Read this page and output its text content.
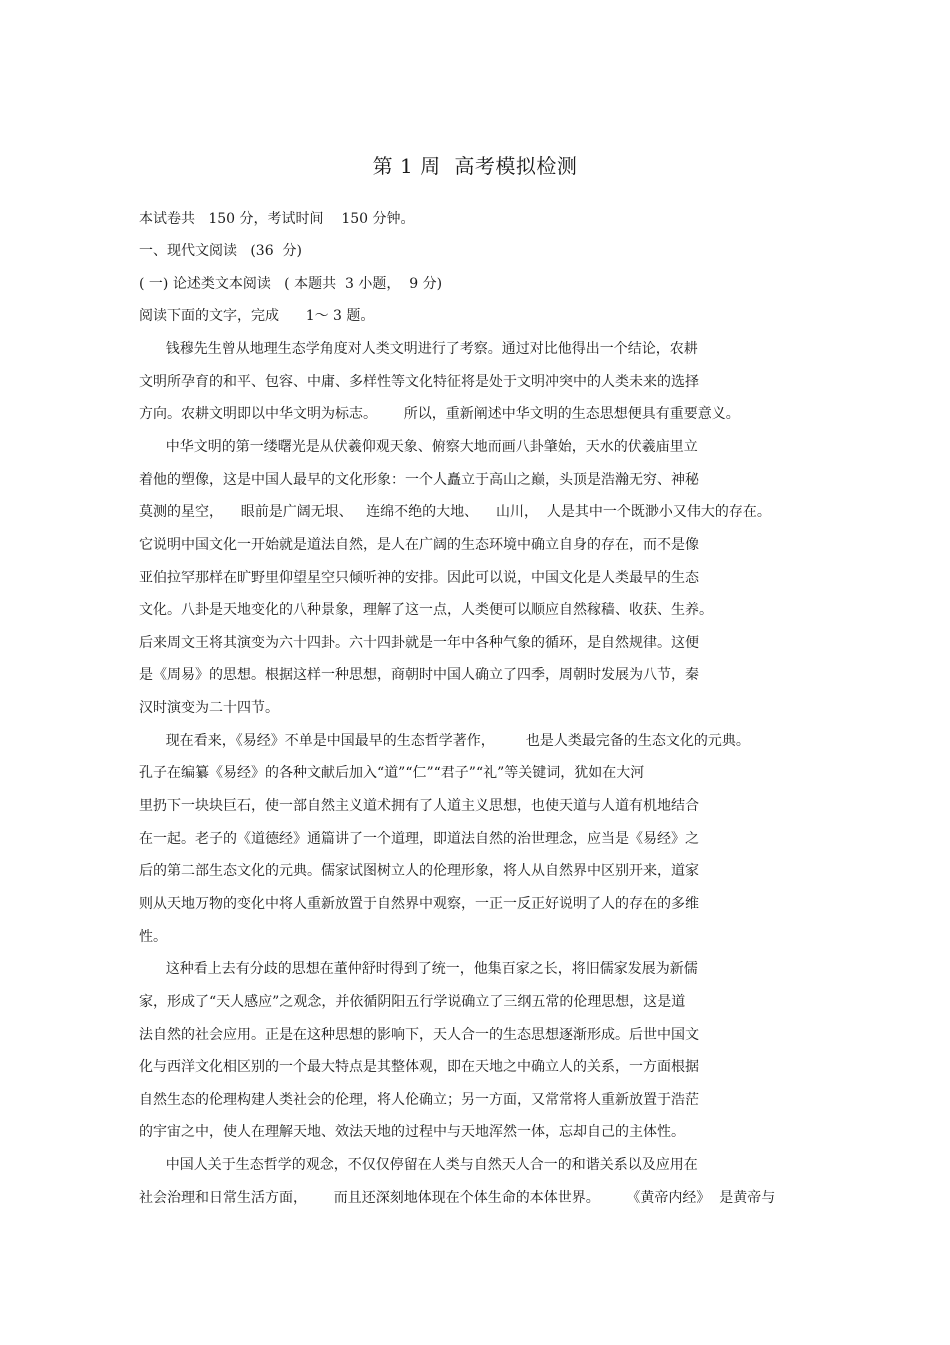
第 1 周  高考模拟检测
本试卷共   150 分，考试时间    150 分钟。
一、现代文阅读   (36  分)
( 一) 论述类文本阅读   ( 本题共  3 小题，  9 分)
阅读下面的文字，完成      1～ 3 题。
钱穆先生曾从地理生态学角度对人类文明进行了考察。通过对比他得出一个结论，农耕
文明所孕育的和平、包容、中庸、多样性等文化特征将是处于文明冲突中的人类未来的选择
方向。农耕文明即以中华文明为标志。      所以，重新阐述中华文明的生态思想便具有重要意义。
中华文明的第一缕曙光是从伏羲仰观天象、俯察大地而画八卦肇始，天水的伏羲庙里立
着他的塑像，这是中国人最早的文化形象：一个人矗立于高山之巅，头顶是浩瀚无穷、神秘
莫测的星空，    眼前是广阔无垠、   连绵不绝的大地、    山川，  人是其中一个既渺小又伟大的存在。
它说明中国文化一开始就是道法自然，是人在广阔的生态环境中确立自身的存在，而不是像
亚伯拉罕那样在旷野里仰望星空只倾听神的安排。因此可以说，中国文化是人类最早的生态
文化。八卦是天地变化的八种景象，理解了这一点，人类便可以顺应自然稼穑、收获、生养。
后来周文王将其演变为六十四卦。六十四卦就是一年中各种气象的循环，是自然规律。这便
是《周易》的思想。根据这样一种思想，商朝时中国人确立了四季，周朝时发展为八节，秦
汉时演变为二十四节。
现在看来，《易经》不单是中国最早的生态哲学著作，       也是人类最完备的生态文化的元典。
孔子在编纂《易经》的各种文献后加入“道”“仁”“君子”“礼”等关键词，犹如在大河
里扔下一块块巨石，使一部自然主义道术拥有了人道主义思想，也使天道与人道有机地结合
在一起。老子的《道德经》通篇讲了一个道理，即道法自然的治世理念，应当是《易经》之
后的第二部生态文化的元典。儒家试图树立人的伦理形象，将人从自然界中区别开来，道家
则从天地万物的变化中将人重新放置于自然界中观察，一正一反正好说明了人的存在的多维
性。
这种看上去有分歧的思想在董仲舒时得到了统一，他集百家之长，将旧儒家发展为新儒
家，形成了“天人感应”之观念，并依循阴阳五行学说确立了三纲五常的伦理思想，这是道
法自然的社会应用。正是在这种思想的影响下，天人合一的生态思想逐渐形成。后世中国文
化与西洋文化相区别的一个最大特点是其整体观，即在天地之中确立人的关系，一方面根据
自然生态的伦理构建人类社会的伦理，将人伦确立；另一方面，又常常将人重新放置于浩茫
的宇宙之中，使人在理解天地、效法天地的过程中与天地浑然一体，忘却自己的主体性。
中国人关于生态哲学的观念，不仅仅停留在人类与自然天人合一的和谐关系以及应用在
社会治理和日常生活方面，      而且还深刻地体现在个体生命的本体世界。      《黄帝内经》  是黄帝与
